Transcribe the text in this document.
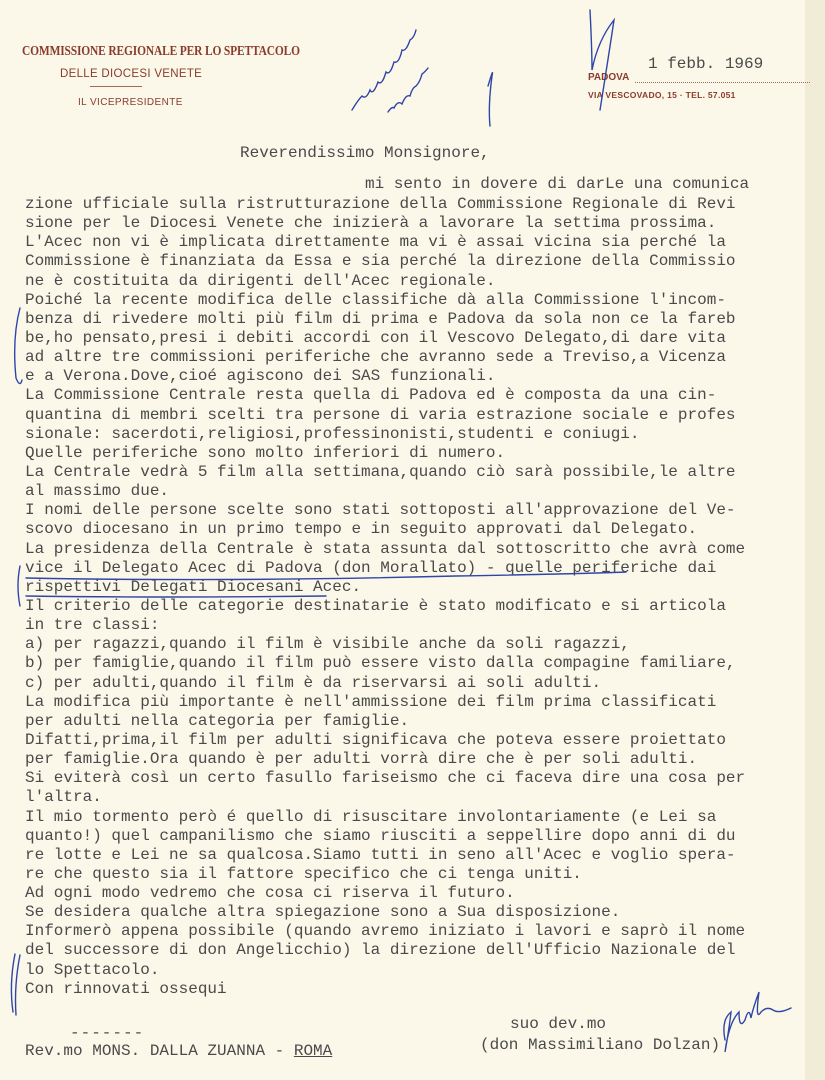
COMMISSIONE REGIONALE PER LO SPETTACOLO
DELLE DIOCESI VENETE
IL VICEPRESIDENTE
PADOVA
VIA VESCOVADO, 15 · TEL. 57.051
1 febb. 1969
Reverendissimo Monsignore,
mi sento in dovere di darLe una comunica
zione ufficiale sulla ristrutturazione della Commissione Regionale di Revi
sione per le Diocesi Venete che inizierà a lavorare la settima prossima.
L'Acec non vi è implicata direttamente ma vi è assai vicina sia perché la
Commissione è finanziata da Essa e sia perché la direzione della Commissio
ne è costituita da dirigenti dell'Acec regionale.
Poiché la recente modifica delle classifiche dà alla Commissione l'incom-
benza di rivedere molti più film di prima e Padova da sola non ce la fareb
be,ho pensato,presi i debiti accordi con il Vescovo Delegato,di dare vita
ad altre tre commissioni periferiche che avranno sede a Treviso,a Vicenza
e a Verona.Dove,cioé agiscono dei SAS funzionali.
La Commissione Centrale resta quella di Padova ed è composta da una cin-
quantina di membri scelti tra persone di varia estrazione sociale e profes
sionale: sacerdoti,religiosi,professinonisti,studenti e coniugi.
Quelle periferiche sono molto inferiori di numero.
La Centrale vedrà 5 film alla settimana,quando ciò sarà possibile,le altre
al massimo due.
I nomi delle persone scelte sono stati sottoposti all'approvazione del Ve-
scovo diocesano in un primo tempo e in seguito approvati dal Delegato.
La presidenza della Centrale è stata assunta dal sottoscritto che avrà come
vice il Delegato Acec di Padova (don Morallato) - quelle periferiche dai
rispettivi Delegati Diocesani Acec.
Il criterio delle categorie destinatarie è stato modificato e si articola
in tre classi:
a) per ragazzi,quando il film è visibile anche da soli ragazzi,
b) per famiglie,quando il film può essere visto dalla compagine familiare,
c) per adulti,quando il film è da riservarsi ai soli adulti.
La modifica più importante è nell'ammissione dei film prima classificati
per adulti nella categoria per famiglie.
Difatti,prima,il film per adulti significava che poteva essere proiettato
per famiglie.Ora quando è per adulti vorrà dire che è per soli adulti.
Si eviterà così un certo fasullo fariseismo che ci faceva dire una cosa per
l'altra.
Il mio tormento però é quello di risuscitare involontariamente (e Lei sa
quanto!) quel campanilismo che siamo riusciti a seppellire dopo anni di du
re lotte e Lei ne sa qualcosa.Siamo tutti in seno all'Acec e voglio spera-
re che questo sia il fattore specifico che ci tenga uniti.
Ad ogni modo vedremo che cosa ci riserva il futuro.
Se desidera qualche altra spiegazione sono a Sua disposizione.
Informerò appena possibile (quando avremo iniziato i lavori e saprò il nome
del successore di don Angelicchio) la direzione dell'Ufficio Nazionale del
lo Spettacolo.
Con rinnovati ossequi
-------
Rev.mo MONS. DALLA ZUANNA - ROMA
suo dev.mo
(don Massimiliano Dolzan)
